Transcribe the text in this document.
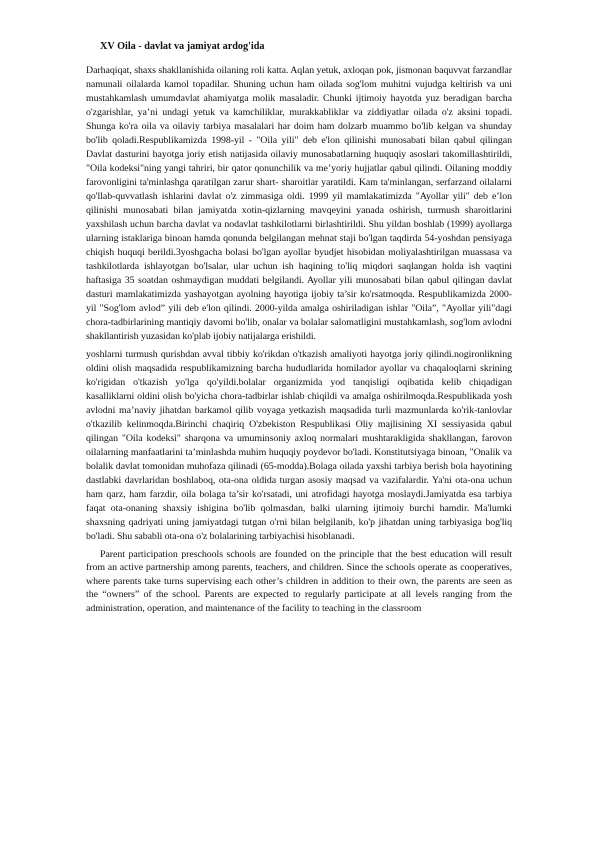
XV Oila - davlat va jamiyat ardog'ida

Darhaqiqat, shaxs shakllanishida oilaning roli katta. Aqlan yetuk, axloqan pok, jismonan baquvvat farzandlar namunali oilalarda kamol topadilar. Shuning uchun ham oilada sog'lom muhitni vujudga keltirish va uni mustahkamlash umumdavlat ahamiyatga molik masaladir. Chunki ijtimoiy hayotda yuz beradigan barcha o'zgarishlar, ya’ni undagi yetuk va kamchiliklar, murakkabliklar va ziddiyatlar oilada o'z aksini topadi. Shunga ko'ra oila va oilaviy tarbiya masalalari har doim ham dolzarb muammo bo'lib kelgan va shunday bo'lib qoladi.Respublikamizda 1998-yil - "Oila yili" deb e'lon qilinishi munosabati bilan qabul qilingan Davlat dasturini hayotga joriy etish natijasida oilaviy munosabatlarning huquqiy asoslari takomillashtirildi, "Oila kodeksi"ning yangi tahriri, bir qator qonunchilik va me’yoriy hujjatlar qabul qilindi. Oilaning moddiy farovonligini ta'minlashga qaratilgan zarur shart- sharoitlar yaratildi. Kam ta'minlangan, serfarzand oilalarni qo'llab-quvvatlash ishlarini davlat o'z zimmasiga oldi. 1999 yil mamlakatimizda "Ayollar yili" deb e’lon qilinishi munosabati bilan jamiyatda xotin-qizlarning mavqeyini yanada oshirish, turmush sharoitlarini yaxshilash uchun barcha davlat va nodavlat tashkilotlarni birlashtirildi. Shu yildan boshlab (1999) ayollarga ularning istaklariga binoan hamda qonunda belgilangan mehnat staji bo'lgan taqdirda 54-yoshdan pensiyaga chiqish huquqi berildi.3yoshgacha bolasi bo'lgan ayollar byudjet hisobidan moliyalashtirilgan muassasa va tashkilotlarda ishlayotgan bo'lsalar, ular uchun ish haqining to'liq miqdori saqlangan holda ish vaqtini haftasiga 35 soatdan oshmaydigan muddati belgilandi. Ayollar yili munosabati bilan qabul qilingan davlat dasturi mamlakatimizda yashayotgan ayolning hayotiga ijobiy ta’sir ko'rsatmoqda. Respublikamizda 2000-yil "Sog'lom avlod” yili deb e'lon qilindi. 2000-yilda amalga oshiriladigan ishlar "Oila”, "Ayollar yili"dagi chora-tadbirlarining mantiqiy davomi bo'lib, onalar va bolalar salomatligini mustahkamlash, sog'lom avlodni shakllantirish yuzasidan ko'plab ijobiy natijalarga erishildi.

yoshlarni turmush qurishdan avval tibbiy ko'rikdan o'tkazish amaliyoti hayotga joriy qilindi.nogironlikning oldini olish maqsadida respublikamizning barcha hududlarida homilador ayollar va chaqaloqlarni skrining ko'rigidan o'tkazish yo'lga qo'yildi.bolalar organizmida yod tanqisligi oqibatida kelib chiqadigan kasalliklarni oldini olish bo'yicha chora-tadbirlar ishlab chiqildi va amalga oshirilmoqda.Respublikada yosh avlodni ma’naviy jihatdan barkamol qilib voyaga yetkazish maqsadida turli mazmunlarda ko'rik-tanlovlar o'tkazilib kelinmoqda.Birinchi chaqiriq O'zbekiston Respublikasi Oliy majlisining XI sessiyasida qabul qilingan "Oila kodeksi" sharqona va umuminsoniy axloq normalari mushtarakligida shakllangan, farovon oilalarning manfaatlarini ta’minlashda muhim huquqiy poydevor bo'ladi. Konstitutsiyaga binoan, "Onalik va bolalik davlat tomonidan muhofaza qilinadi (65-modda).Bolaga oilada yaxshi tarbiya berish bola hayotining dastlabki davrlaridan boshlaboq, ota-ona oldida turgan asosiy maqsad va vazifalardir. Ya'ni ota-ona uchun ham qarz, ham farzdir, oila bolaga ta’sir ko'rsatadi, uni atrofidagi hayotga moslaydi.Jamiyatda esa tarbiya faqat ota-onaning shaxsiy ishigina bo'lib qolmasdan, balki ularning ijtimoiy burchi hamdir. Ma'lumki shaxsning qadriyati uning jamiyatdagi tutgan o'rni bilan belgilanib, ko'p jihatdan uning tarbiyasiga bog'liq bo'ladi. Shu sababli ota-ona o'z bolalarining tarbiyachisi hisoblanadi.

Parent participation preschools schools are founded on the principle that the best education will result from an active partnership among parents, teachers, and children. Since the schools operate as cooperatives, where parents take turns supervising each other’s children in addition to their own, the parents are seen as the “owners” of the school. Parents are expected to regularly participate at all levels ranging from the administration, operation, and maintenance of the facility to teaching in the classroom
